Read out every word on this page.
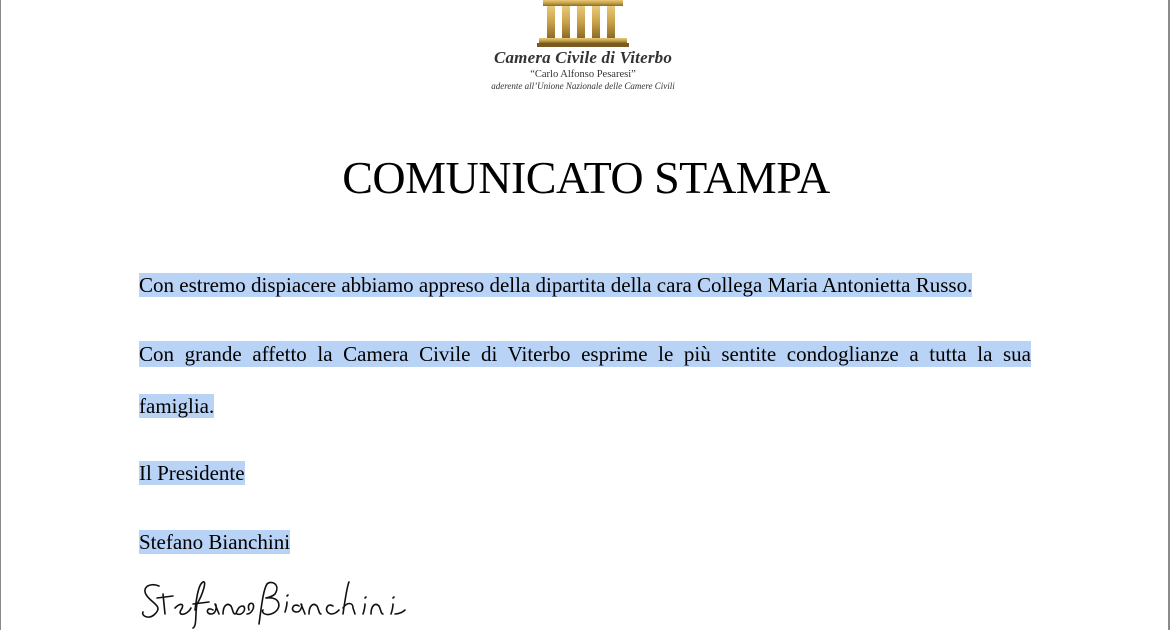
Camera Civile di Viterbo
“Carlo Alfonso Pesaresi”
aderente all’Unione Nazionale delle Camere Civili
COMUNICATO STAMPA
Con estremo dispiacere abbiamo appreso della dipartita della cara Collega Maria Antonietta Russo.
Con grande affetto la Camera Civile di Viterbo esprime le più sentite condoglianze a tutta la sua
famiglia.
Il Presidente
Stefano Bianchini
